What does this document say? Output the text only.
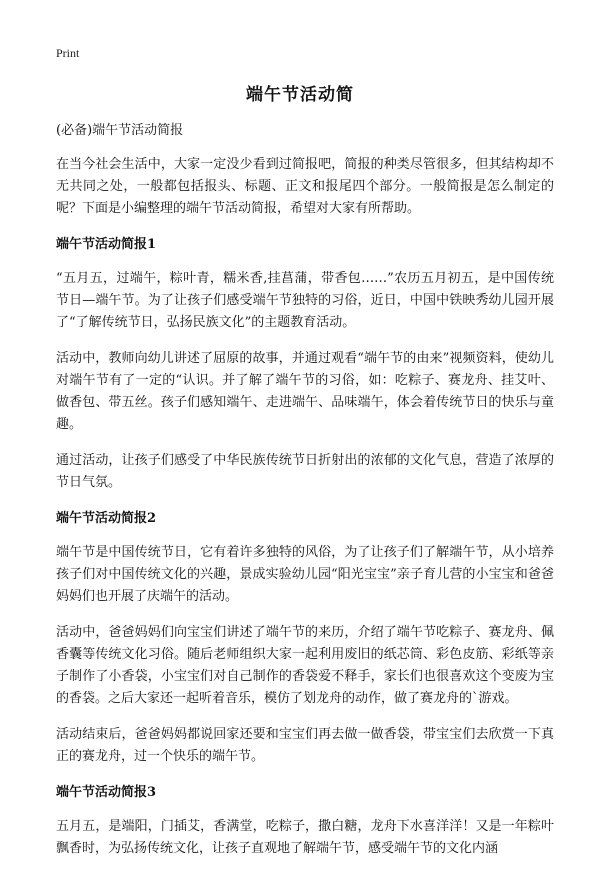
Print
端午节活动简

(必备)端午节活动简报

在当今社会生活中，大家一定没少看到过简报吧，简报的种类尽管很多，但其结构却不无共同之处，一般都包括报头、标题、正文和报尾四个部分。一般简报是怎么制定的呢？下面是小编整理的端午节活动简报，希望对大家有所帮助。

端午节活动简报1

“五月五，过端午，粽叶青，糯米香,挂菖蒲，带香包……”农历五月初五，是中国传统节日—端午节。为了让孩子们感受端午节独特的习俗，近日，中国中铁映秀幼儿园开展了“了解传统节日，弘扬民族文化”的主题教育活动。

活动中，教师向幼儿讲述了屈原的故事，并通过观看“端午节的由来”视频资料，使幼儿对端午节有了一定的“认识。并了解了端午节的习俗，如：吃粽子、赛龙舟、挂艾叶、做香包、带五丝。孩子们感知端午、走进端午、品味端午，体会着传统节日的快乐与童趣。

通过活动，让孩子们感受了中华民族传统节日折射出的浓郁的文化气息，营造了浓厚的节日气氛。

端午节活动简报2

端午节是中国传统节日，它有着许多独特的风俗，为了让孩子们了解端午节，从小培养孩子们对中国传统文化的兴趣，景成实验幼儿园“阳光宝宝”亲子育儿营的小宝宝和爸爸妈妈们也开展了庆端午的活动。

活动中，爸爸妈妈们向宝宝们讲述了端午节的来历，介绍了端午节吃粽子、赛龙舟、佩香囊等传统文化习俗。随后老师组织大家一起利用废旧的纸芯筒、彩色皮筋、彩纸等亲子制作了小香袋，小宝宝们对自己制作的香袋爱不释手，家长们也很喜欢这个变废为宝的香袋。之后大家还一起听着音乐，模仿了划龙舟的动作，做了赛龙舟的`游戏。

活动结束后，爸爸妈妈都说回家还要和宝宝们再去做一做香袋，带宝宝们去欣赏一下真正的赛龙舟，过一个快乐的端午节。

端午节活动简报3

五月五，是端阳，门插艾，香满堂，吃粽子，撒白糖，龙舟下水喜洋洋！又是一年粽叶飘香时，为弘扬传统文化，让孩子直观地了解端午节，感受端午节的文化内涵
